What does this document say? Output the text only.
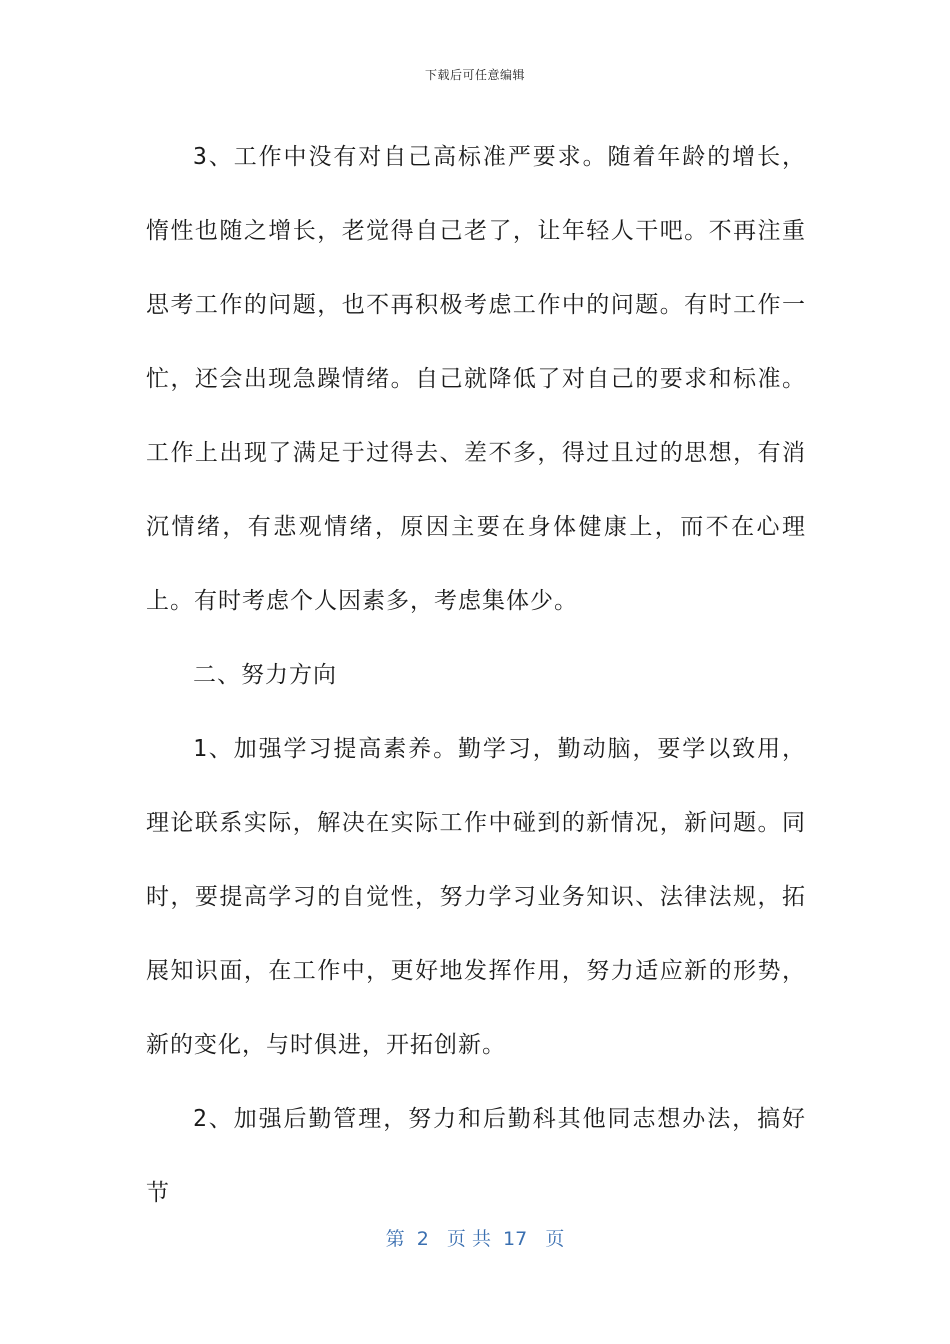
下载后可任意编辑

3、工作中没有对自己高标准严要求。随着年龄的增长，惰性也随之增长，老觉得自己老了，让年轻人干吧。不再注重思考工作的问题，也不再积极考虑工作中的问题。有时工作一忙，还会出现急躁情绪。自己就降低了对自己的要求和标准。工作上出现了满足于过得去、差不多，得过且过的思想，有消沉情绪，有悲观情绪，原因主要在身体健康上，而不在心理上。有时考虑个人因素多，考虑集体少。

二、努力方向

1、加强学习提高素养。勤学习，勤动脑，要学以致用，理论联系实际，解决在实际工作中碰到的新情况，新问题。同时，要提高学习的自觉性，努力学习业务知识、法律法规，拓展知识面，在工作中，更好地发挥作用，努力适应新的形势，新的变化，与时俱进，开拓创新。

2、加强后勤管理，努力和后勤科其他同志想办法，搞好节

第  2   页 共  17   页
